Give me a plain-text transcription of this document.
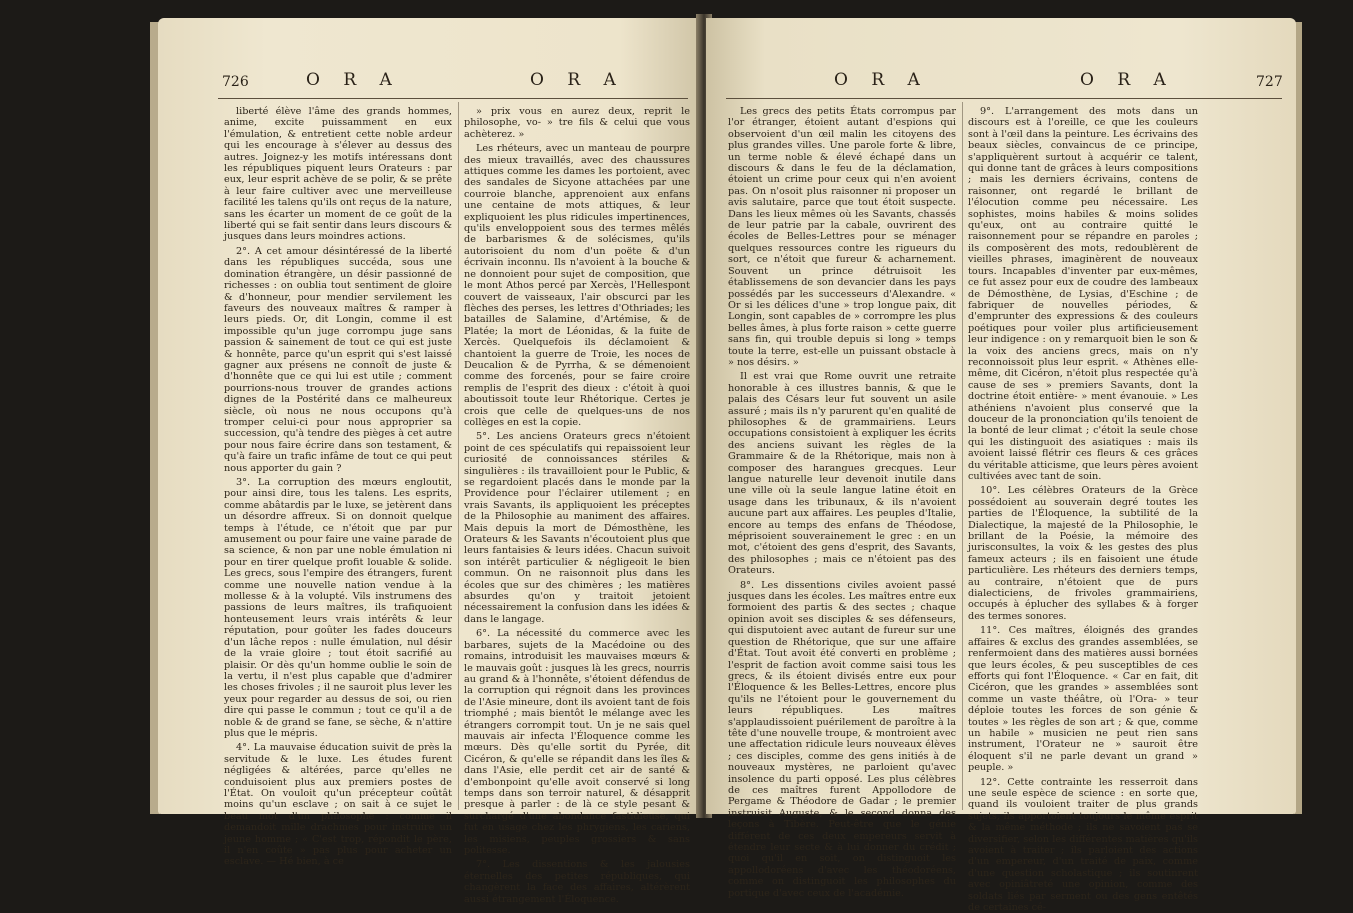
726	O R A	O R A

liberté élève l'âme des grands hommes, anime, excite puissamment en eux l'émulation, & entretient cette noble ardeur qui les encourage à s'élever au dessus des autres. Joignez-y les motifs intéressans dont les républiques piquent leurs Orateurs : par eux, leur esprit achève de se polir, & se prête à leur faire cultiver avec une merveilleuse facilité les talens qu'ils ont reçus de la nature, sans les écarter un moment de ce goût de la liberté qui se fait sentir dans leurs discours & jusques dans leurs moindres actions.

2°. A cet amour désintéressé de la liberté dans les républiques succéda, sous une domination étrangère, un désir passionné de richesses : on oublia tout sentiment de gloire & d'honneur, pour mendier servilement les faveurs des nouveaux maîtres & ramper à leurs pieds. Or, dit Longin, comme il est impossible qu'un juge corrompu juge sans passion & sainement de tout ce qui est juste & honnête, parce qu'un esprit qui s'est laissé gagner aux présens ne connoît de juste & d'honnête que ce qui lui est utile ; comment pourrions-nous trouver de grandes actions dignes de la Postérité dans ce malheureux siècle, où nous ne nous occupons qu'à tromper celui-ci pour nous approprier sa succession, qu'à tendre des pièges à cet autre pour nous faire écrire dans son testament, & qu'à faire un trafic infâme de tout ce qui peut nous apporter du gain ?

3°. La corruption des mœurs engloutit, pour ainsi dire, tous les talens. Les esprits, comme abâtardis par le luxe, se jetèrent dans un désordre affreux. Si on donnoit quelque temps à l'étude, ce n'étoit que par pur amusement ou pour faire une vaine parade de sa science, & non par une noble émulation ni pour en tirer quelque profit louable & solide. Les grecs, sous l'empire des étrangers, furent comme une nouvelle nation vendue à la mollesse & à la volupté. Vils instrumens des passions de leurs maîtres, ils trafiquoient honteusement leurs vrais intérêts & leur réputation, pour goûter les fades douceurs d'un lâche repos : nulle émulation, nul désir de la vraie gloire ; tout étoit sacrifié au plaisir. Or dès qu'un homme oublie le soin de la vertu, il n'est plus capable que d'admirer les choses frivoles ; il ne sauroit plus lever les yeux pour regarder au dessus de soi, ou rien dire qui passe le commun ; tout ce qu'il a de noble & de grand se fane, se sèche, & n'attire plus que le mépris.

4°. La mauvaise éducation suivit de près la servitude & le luxe. Les études furent négligées & altérées, parce qu'elles ne conduisoient plus aux premiers postes de l'État. On vouloit qu'un précepteur coûtât moins qu'un esclave ; on sait à ce sujet le beau mot d'un philosophe : comme il demandoit mille drachmes pour instruire un jeune homme ; « C'est trop, répondit le père, il n'en coûte » pas plus pour acheter un esclave. — Hé bien, à ce

» prix vous en aurez deux, reprit le philosophe, vo- » tre fils & celui que vous achèterez. »

Les rhéteurs, avec un manteau de pourpre des mieux travaillés, avec des chaussures attiques comme les dames les portoient, avec des sandales de Sicyone attachées par une courroie blanche, apprenoient aux enfans une centaine de mots attiques, & leur expliquoient les plus ridicules impertinences, qu'ils enveloppoient sous des termes mêlés de barbarismes & de solécismes, qu'ils autorisoient du nom d'un poëte & d'un écrivain inconnu. Ils n'avoient à la bouche & ne donnoient pour sujet de composition, que le mont Athos percé par Xercès, l'Hellespont couvert de vaisseaux, l'air obscurci par les flèches des perses, les lettres d'Othriades; les batailles de Salamine, d'Artémise, & de Platée; la mort de Léonidas, & la fuite de Xercès. Quelquefois ils déclamoient & chantoient la guerre de Troie, les noces de Deucalion & de Pyrrha, & se démenoient comme des forcenés, pour se faire croire remplis de l'esprit des dieux : c'étoit à quoi aboutissoit toute leur Rhétorique. Certes je crois que celle de quelques-uns de nos collèges en est la copie.

5°. Les anciens Orateurs grecs n'étoient point de ces spéculatifs qui repaissoient leur curiosité de connoissances stériles & singulières : ils travailloient pour le Public, & se regardoient placés dans le monde par la Providence pour l'éclairer utilement ; en vrais Savants, ils appliquoient les préceptes de la Philosophie au maniment des affaires. Mais depuis la mort de Démosthène, les Orateurs & les Savants n'écoutoient plus que leurs fantaisies & leurs idées. Chacun suivoit son intérêt particulier & négligeoit le bien commun. On ne raisonnoit plus dans les écoles que sur des chimères ; les matières absurdes qu'on y traitoit jetoient nécessairement la confusion dans les idées & dans le langage.

6°. La nécessité du commerce avec les barbares, sujets de la Macédoine ou des romains, introduisit les mauvaises mœurs & le mauvais goût : jusques là les grecs, nourris au grand & à l'honnête, s'étoient défendus de la corruption qui régnoit dans les provinces de l'Asie mineure, dont ils avoient tant de fois triomphé ; mais bientôt le mélange avec les étrangers corrompit tout. Un je ne sais quel mauvais air infecta l'Éloquence comme les mœurs. Dès qu'elle sortit du Pyrée, dit Cicéron, & qu'elle se répandit dans les îles & dans l'Asie, elle perdit cet air de santé & d'embonpoint qu'elle avoit conservé si long temps dans son terroir naturel, & désapprit presque à parler : de là ce style pesant & surchargé d'une abondance fastidieuse, qui fut en usage chez les phrygiens, les cariens, les misiens, peuples grossiers & sans politesse.

7°. Les dissentions & les jalousies éternelles des petites républiques, qui changèrent la face des affaires, altérèrent aussi étrangement l'Éloquence.

O R A	O R A	727

Les grecs des petits États corrompus par l'or étranger, étoient autant d'espions qui observoient d'un œil malin les citoyens des plus grandes villes. Une parole forte & libre, un terme noble & élevé échapé dans un discours & dans le feu de la déclamation, étoient un crime pour ceux qui n'en avoient pas. On n'osoit plus raisonner ni proposer un avis salutaire, parce que tout étoit suspecte. Dans les lieux mêmes où les Savants, chassés de leur patrie par la cabale, ouvrirent des écoles de Belles-Lettres pour se ménager quelques ressources contre les rigueurs du sort, ce n'étoit que fureur & acharnement. Souvent un prince détruisoit les établissemens de son devancier dans les pays possédés par les successeurs d'Alexandre. « Or si les délices d'une » trop longue paix, dit Longin, sont capables de » corrompre les plus belles âmes, à plus forte raison » cette guerre sans fin, qui trouble depuis si long » temps toute la terre, est-elle un puissant obstacle à » nos désirs. »

Il est vrai que Rome ouvrit une retraite honorable à ces illustres bannis, & que le palais des Césars leur fut souvent un asile assuré ; mais ils n'y parurent qu'en qualité de philosophes & de grammairiens. Leurs occupations consistoient à expliquer les écrits des anciens suivant les règles de la Grammaire & de la Rhétorique, mais non à composer des harangues grecques. Leur langue naturelle leur devenoit inutile dans une ville où la seule langue latine étoit en usage dans les tribunaux, & ils n'avoient aucune part aux affaires. Les peuples d'Italie, encore au temps des enfans de Théodose, méprisoient souverainement le grec : en un mot, c'étoient des gens d'esprit, des Savants, des philosophes ; mais ce n'étoient pas des Orateurs.

8°. Les dissentions civiles avoient passé jusques dans les écoles. Les maîtres entre eux formoient des partis & des sectes ; chaque opinion avoit ses disciples & ses défenseurs, qui disputoient avec autant de fureur sur une question de Rhétorique, que sur une affaire d'État. Tout avoit été converti en problème ; l'esprit de faction avoit comme saisi tous les grecs, & ils étoient divisés entre eux pour l'Éloquence & les Belles-Lettres, encore plus qu'ils ne l'étoient pour le gouvernement du leurs républiques. Les maîtres s'applaudissoient puérilement de paroître à la tête d'une nouvelle troupe, & montroient avec une affectation ridicule leurs nouveaux élèves ; ces disciples, comme des gens initiés à de nouveaux mystères, ne parloient qu'avec insolence du parti opposé. Les plus célèbres de ces maîtres furent Appollodore de Pergame & Théodore de Gadar ; le premier instruisit Auguste, & le second donna des leçons à Tibère. Peut-être que le génie différent de ces deux empereurs servit à étendre leur secte & à lui donner du crédit ; quoi qu'il en soit, on distinguoit les appollodoréens d'avec les théodoréens, comme on distinguoit les philosophes du portique d'avec ceux de l'académie.

9°. L'arrangement des mots dans un discours est à l'oreille, ce que les couleurs sont à l'œil dans la peinture. Les écrivains des beaux siècles, convaincus de ce principe, s'appliquèrent surtout à acquérir ce talent, qui donne tant de grâces à leurs compositions ; mais les derniers écrivains, contens de raisonner, ont regardé le brillant de l'élocution comme peu nécessaire. Les sophistes, moins habiles & moins solides qu'eux, ont au contraire quitté le raisonnement pour se répandre en paroles ; ils composèrent des mots, redoublèrent de vieilles phrases, imaginèrent de nouveaux tours. Incapables d'inventer par eux-mêmes, ce fut assez pour eux de coudre des lambeaux de Démosthène, de Lysias, d'Eschine ; de fabriquer de nouvelles périodes, & d'emprunter des expressions & des couleurs poétiques pour voiler plus artificieusement leur indigence : on y remarquoit bien le son & la voix des anciens grecs, mais on n'y reconnoissoit plus leur esprit. « Athènes elle-même, dit Cicéron, n'étoit plus respectée qu'à cause de ses » premiers Savants, dont la doctrine étoit entière- » ment évanouie. » Les athéniens n'avoient plus conservé que la douceur de la prononciation qu'ils tenoient de la bonté de leur climat ; c'étoit la seule chose qui les distinguoit des asiatiques : mais ils avoient laissé flétrir ces fleurs & ces grâces du véritable atticisme, que leurs pères avoient cultivées avec tant de soin.

10°. Les célèbres Orateurs de la Grèce possédoient au souverain degré toutes les parties de l'Éloquence, la subtilité de la Dialectique, la majesté de la Philosophie, le brillant de la Poésie, la mémoire des jurisconsultes, la voix & les gestes des plus fameux acteurs ; ils en faisoient une étude particulière. Les rhéteurs des derniers temps, au contraire, n'étoient que de purs dialecticiens, de frivoles grammairiens, occupés à éplucher des syllabes & à forger des termes sonores.

11°. Ces maîtres, éloignés des grandes affaires & exclus des grandes assemblées, se renfermoient dans des matières aussi bornées que leurs écoles, & peu susceptibles de ces efforts qui font l'Éloquence. « Car en fait, dit Cicéron, que les grandes » assemblées sont comme un vaste théâtre, où l'Ora- » teur déploie toutes les forces de son génie & toutes » les règles de son art ; & que, comme un habile » musicien ne peut rien sans instrument, l'Orateur ne » sauroit être éloquent s'il ne parle devant un grand » peuple. »

12°. Cette contrainte les resserroit dans une seule espèce de science : en sorte que, quand ils vouloient traiter de plus grands sujets, ils apportoient toujours le même esprit & la même méthode ; ils ne savoient pas se diversifier, selon les différentes matières qu'ils avoient à traiter ; ils parloient des actions d'un empereur, d'un traité de paix, comme d'une question scholastique ; ils soutinrent avec opiniâtreté une opinion, comme des soldats liés par serment ou des gens entêtés de certaines cé-
